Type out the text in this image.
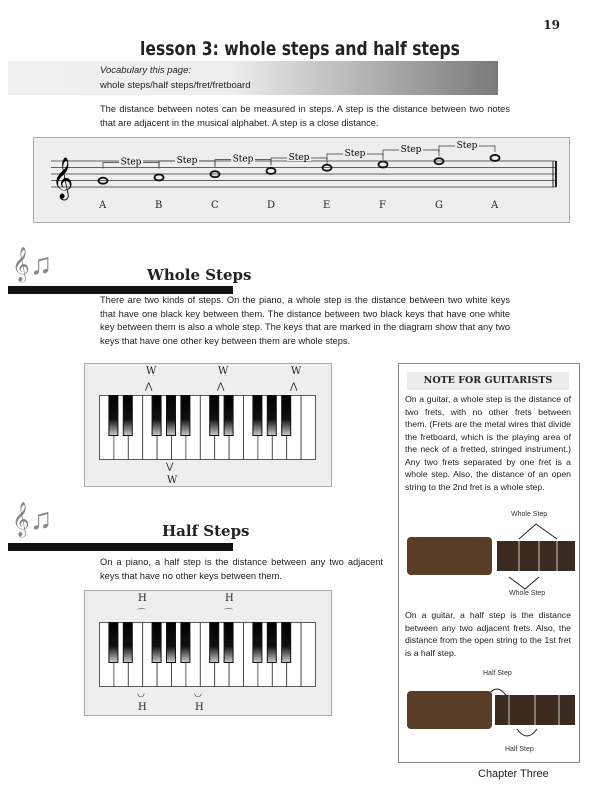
19
lesson 3: whole steps and half steps
Vocabulary this page:
whole steps/half steps/fret/fretboard
The distance between notes can be measured in steps. A step is the distance between two notes that are adjacent in the musical alphabet. A step is a close distance.
𝄞	Step	Step	Step	Step	Step	Step	Step
A	B	C	D	E	F	G	A
𝄞♫	Whole Steps
There are two kinds of steps. On the piano, a whole step is the distance between two white keys that have one black key between them. The distance between two black keys that have one white key between them is also a whole step. The keys that are marked in the diagram show that any two keys that have one other key between them are whole steps.
W
⋀
W
⋀
W
⋀
⋁
W
𝄞♫	Half Steps
On a piano, a half step is the distance between any two adjacent keys that have no other keys between them.
H
⌒
H
⌒
◡
H
◡
H
NOTE FOR GUITARISTS
On a guitar, a whole step is the distance of two frets, with no other frets between them. (Frets are the metal wires that divide the fretboard, which is the playing area of the neck of a fretted, stringed instrument.) Any two frets separated by one fret is a whole step. Also, the distance of an open string to the 2nd fret is a whole step.
Whole Step
Whole Step
On a guitar, a half step is the distance between any two adjacent frets. Also, the distance from the open string to the 1st fret is a half step.
Half Step
Half Step
Chapter Three
